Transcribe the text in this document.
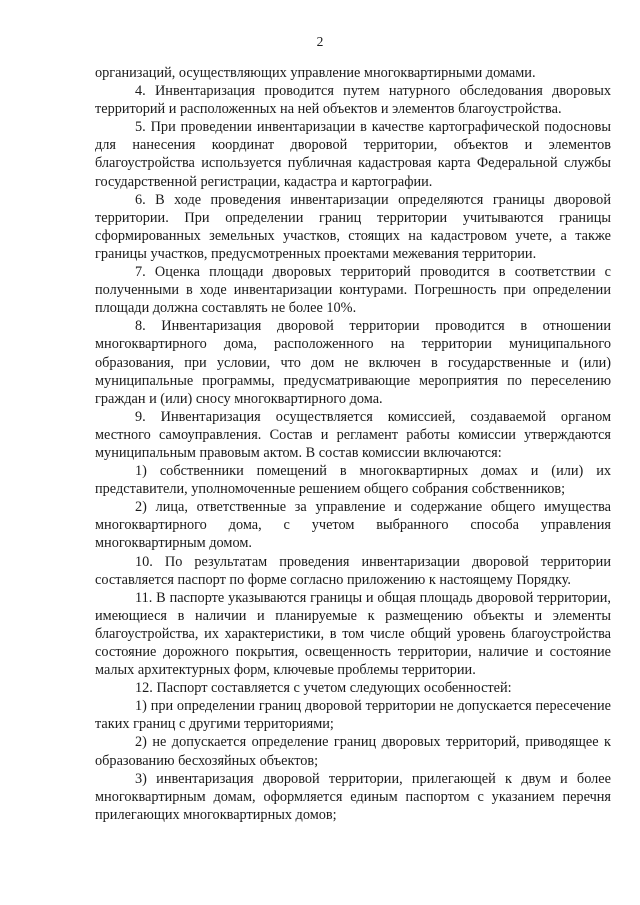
2

организаций, осуществляющих управление многоквартирными домами.

4. Инвентаризация проводится путем натурного обследования дворовых территорий и расположенных на ней объектов и элементов благоустройства.

5. При проведении инвентаризации в качестве картографической подосновы для нанесения координат дворовой территории, объектов и элементов благоустройства используется публичная кадастровая карта Федеральной службы государственной регистрации, кадастра и картографии.

6. В ходе проведения инвентаризации определяются границы дворовой территории. При определении границ территории учитываются границы сформированных земельных участков, стоящих на кадастровом учете, а также границы участков, предусмотренных проектами межевания территории.

7. Оценка площади дворовых территорий проводится в соответствии с полученными в ходе инвентаризации контурами. Погрешность при определении площади должна составлять не более 10%.

8. Инвентаризация дворовой территории проводится в отношении многоквартирного дома, расположенного на территории муниципального образования, при условии, что дом не включен в государственные и (или) муниципальные программы, предусматривающие мероприятия по переселению граждан и (или) сносу многоквартирного дома.

9. Инвентаризация осуществляется комиссией, создаваемой органом местного самоуправления. Состав и регламент работы комиссии утверждаются муниципальным правовым актом. В состав комиссии включаются:

1) собственники помещений в многоквартирных домах и (или) их представители, уполномоченные решением общего собрания собственников;

2) лица, ответственные за управление и содержание общего имущества многоквартирного дома, с учетом выбранного способа управления многоквартирным домом.

10. По результатам проведения инвентаризации дворовой территории составляется паспорт по форме согласно приложению к настоящему Порядку.

11. В паспорте указываются границы и общая площадь дворовой территории, имеющиеся в наличии и планируемые к размещению объекты и элементы благоустройства, их характеристики, в том числе общий уровень благоустройства состояние дорожного покрытия, освещенность территории, наличие и состояние малых архитектурных форм, ключевые проблемы территории.

12. Паспорт составляется с учетом следующих особенностей:

1) при определении границ дворовой территории не допускается пересечение таких границ с другими территориями;

2) не допускается определение границ дворовых территорий, приводящее к образованию бесхозяйных объектов;

3) инвентаризация дворовой территории, прилегающей к двум и более многоквартирным домам, оформляется единым паспортом с указанием перечня прилегающих многоквартирных домов;
